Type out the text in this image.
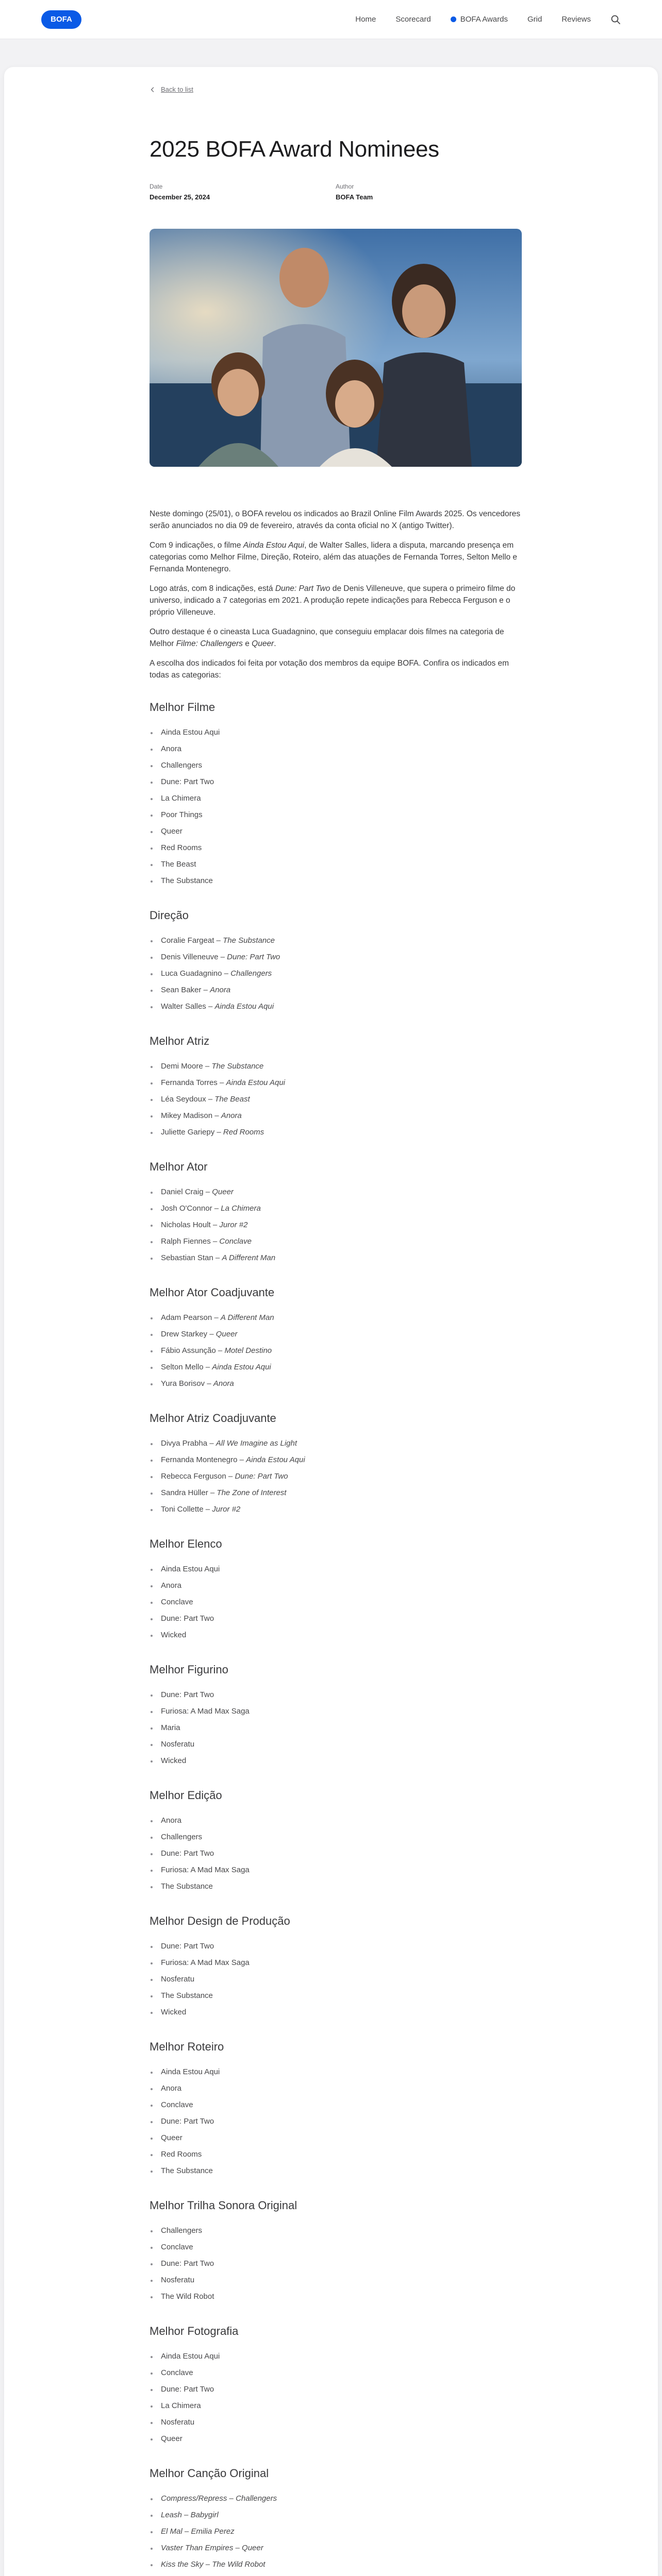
BOFA	Home	Scorecard	BOFA Awards	Grid	Reviews
Back to list
2025 BOFA Award Nominees
Date
December 25, 2024
Author
BOFA Team

Neste domingo (25/01), o BOFA revelou os indicados ao Brazil Online Film Awards 2025. Os vencedores serão anunciados no dia 09 de fevereiro, através da conta oficial no X (antigo Twitter).

Com 9 indicações, o filme Ainda Estou Aqui, de Walter Salles, lidera a disputa, marcando presença em categorias como Melhor Filme, Direção, Roteiro, além das atuações de Fernanda Torres, Selton Mello e Fernanda Montenegro.

Logo atrás, com 8 indicações, está Dune: Part Two de Denis Villeneuve, que supera o primeiro filme do universo, indicado a 7 categorias em 2021. A produção repete indicações para Rebecca Ferguson e o próprio Villeneuve.

Outro destaque é o cineasta Luca Guadagnino, que conseguiu emplacar dois filmes na categoria de Melhor Filme: Challengers e Queer.

A escolha dos indicados foi feita por votação dos membros da equipe BOFA. Confira os indicados em todas as categorias:

Melhor Filme
Ainda Estou Aqui
Anora
Challengers
Dune: Part Two
La Chimera
Poor Things
Queer
Red Rooms
The Beast
The Substance
Direção
Coralie Fargeat – The Substance
Denis Villeneuve – Dune: Part Two
Luca Guadagnino – Challengers
Sean Baker – Anora
Walter Salles – Ainda Estou Aqui
Melhor Atriz
Demi Moore – The Substance
Fernanda Torres – Ainda Estou Aqui
Léa Seydoux – The Beast
Mikey Madison – Anora
Juliette Gariepy – Red Rooms
Melhor Ator
Daniel Craig – Queer
Josh O'Connor – La Chimera
Nicholas Hoult – Juror #2
Ralph Fiennes – Conclave
Sebastian Stan – A Different Man
Melhor Ator Coadjuvante
Adam Pearson – A Different Man
Drew Starkey – Queer
Fábio Assunção – Motel Destino
Selton Mello – Ainda Estou Aqui
Yura Borisov – Anora
Melhor Atriz Coadjuvante
Divya Prabha – All We Imagine as Light
Fernanda Montenegro – Ainda Estou Aqui
Rebecca Ferguson – Dune: Part Two
Sandra Hüller – The Zone of Interest
Toni Collette – Juror #2
Melhor Elenco
Ainda Estou Aqui
Anora
Conclave
Dune: Part Two
Wicked
Melhor Figurino
Dune: Part Two
Furiosa: A Mad Max Saga
Maria
Nosferatu
Wicked
Melhor Edição
Anora
Challengers
Dune: Part Two
Furiosa: A Mad Max Saga
The Substance
Melhor Design de Produção
Dune: Part Two
Furiosa: A Mad Max Saga
Nosferatu
The Substance
Wicked
Melhor Roteiro
Ainda Estou Aqui
Anora
Conclave
Dune: Part Two
Queer
Red Rooms
The Substance
Melhor Trilha Sonora Original
Challengers
Conclave
Dune: Part Two
Nosferatu
The Wild Robot
Melhor Fotografia
Ainda Estou Aqui
Conclave
Dune: Part Two
La Chimera
Nosferatu
Queer
Melhor Canção Original
Compress/Repress – Challengers
Leash – Babygirl
El Mal – Emilia Perez
Vaster Than Empires – Queer
Kiss the Sky – The Wild Robot
